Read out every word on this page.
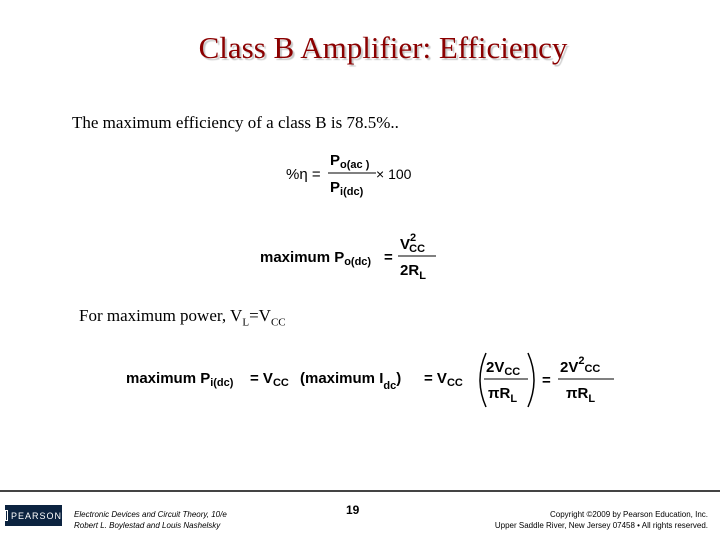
Class B Amplifier: Efficiency
The maximum efficiency of a class B is 78.5%..
%η =
$P_{o(ac )}$
$P_{i(dc)}$
× 100
maximum $P_{o(dc)}$ =
$V^2$ CC
$2R_L$
For maximum power, $V_L=V_{CC}$
maximum $P_{i(dc)} = V_{CC}$ (maximum $I_{dc}) = V_{CC}$
$2V_{CC}$
$\pi R_L$
=
$2V^2_{CC}$
$\pi R_L$
PEARSON Electronic Devices and Circuit Theory, 10/e
Robert L. Boylestad and Louis Nashelsky
19	Copyright ©2009 by Pearson Education, Inc.
Upper Saddle River, New Jersey 07458 • All rights reserved.
